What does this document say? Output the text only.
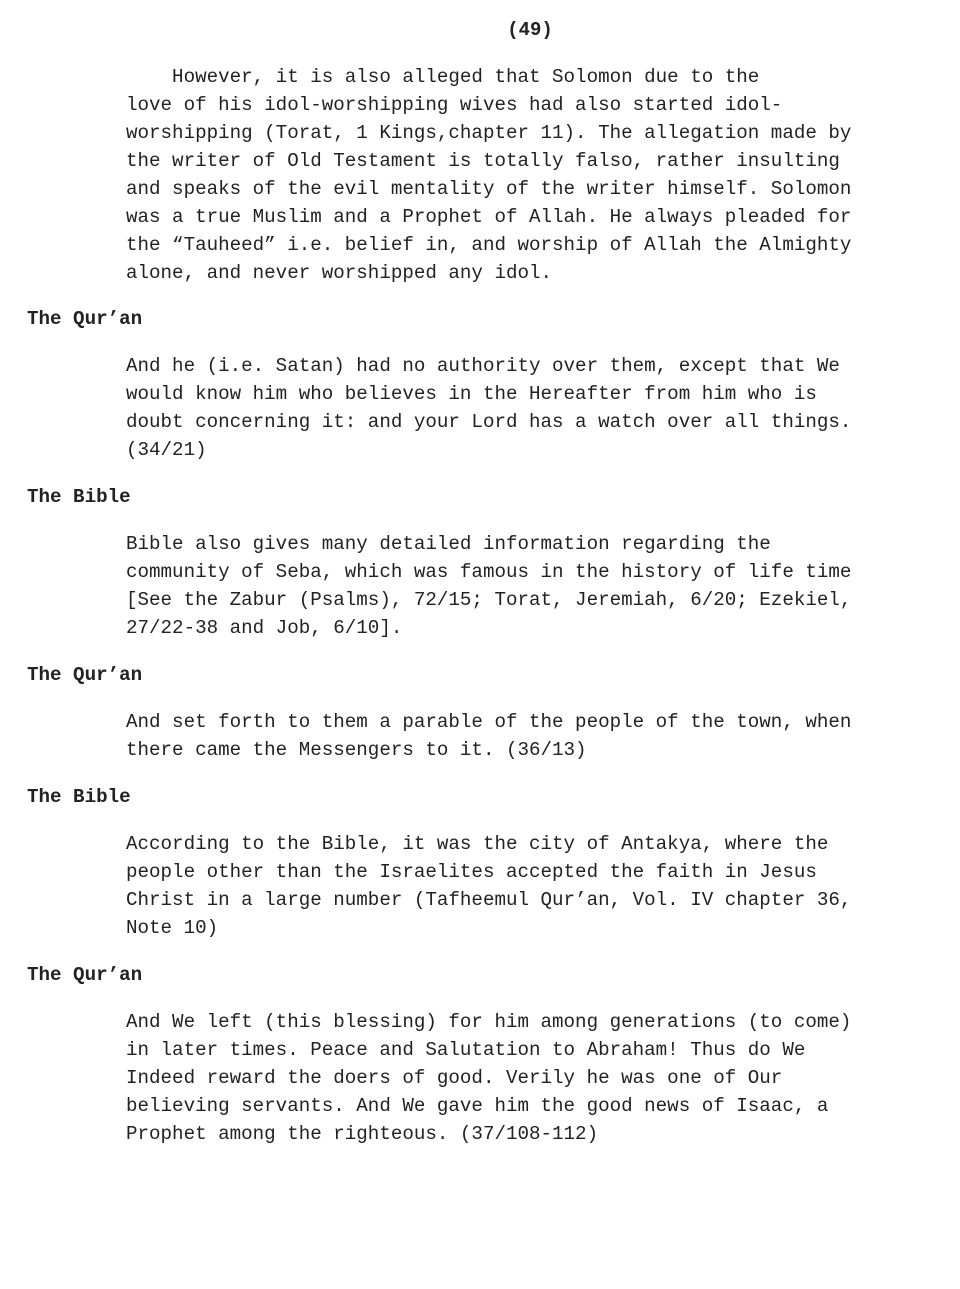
(49)
However, it is also alleged that Solomon due to the
love of his idol-worshipping wives had also started idol-
worshipping (Torat, 1 Kings,chapter 11). The allegation made by
the writer of Old Testament is totally falso, rather insulting
and speaks of the evil mentality of the writer himself. Solomon
was a true Muslim and a Prophet of Allah. He always pleaded for
the “Tauheed” i.e. belief in, and worship of Allah the Almighty
alone, and never worshipped any idol.
The Qur’an
And he (i.e. Satan) had no authority over them, except that We
would know him who believes in the Hereafter from him who is
doubt concerning it: and your Lord has a watch over all things.
(34/21)
The Bible
Bible also gives many detailed information regarding the
community of Seba, which was famous in the history of life time
[See the Zabur (Psalms), 72/15; Torat, Jeremiah, 6/20; Ezekiel,
27/22-38 and Job, 6/10].
The Qur’an
And set forth to them a parable of the people of the town, when
there came the Messengers to it. (36/13)
The Bible
According to the Bible, it was the city of Antakya, where the
people other than the Israelites accepted the faith in Jesus
Christ in a large number (Tafheemul Qur’an, Vol. IV chapter 36,
Note 10)
The Qur’an
And We left (this blessing) for him among generations (to come)
in later times. Peace and Salutation to Abraham! Thus do We
Indeed reward the doers of good. Verily he was one of Our
believing servants. And We gave him the good news of Isaac, a
Prophet among the righteous. (37/108-112)
